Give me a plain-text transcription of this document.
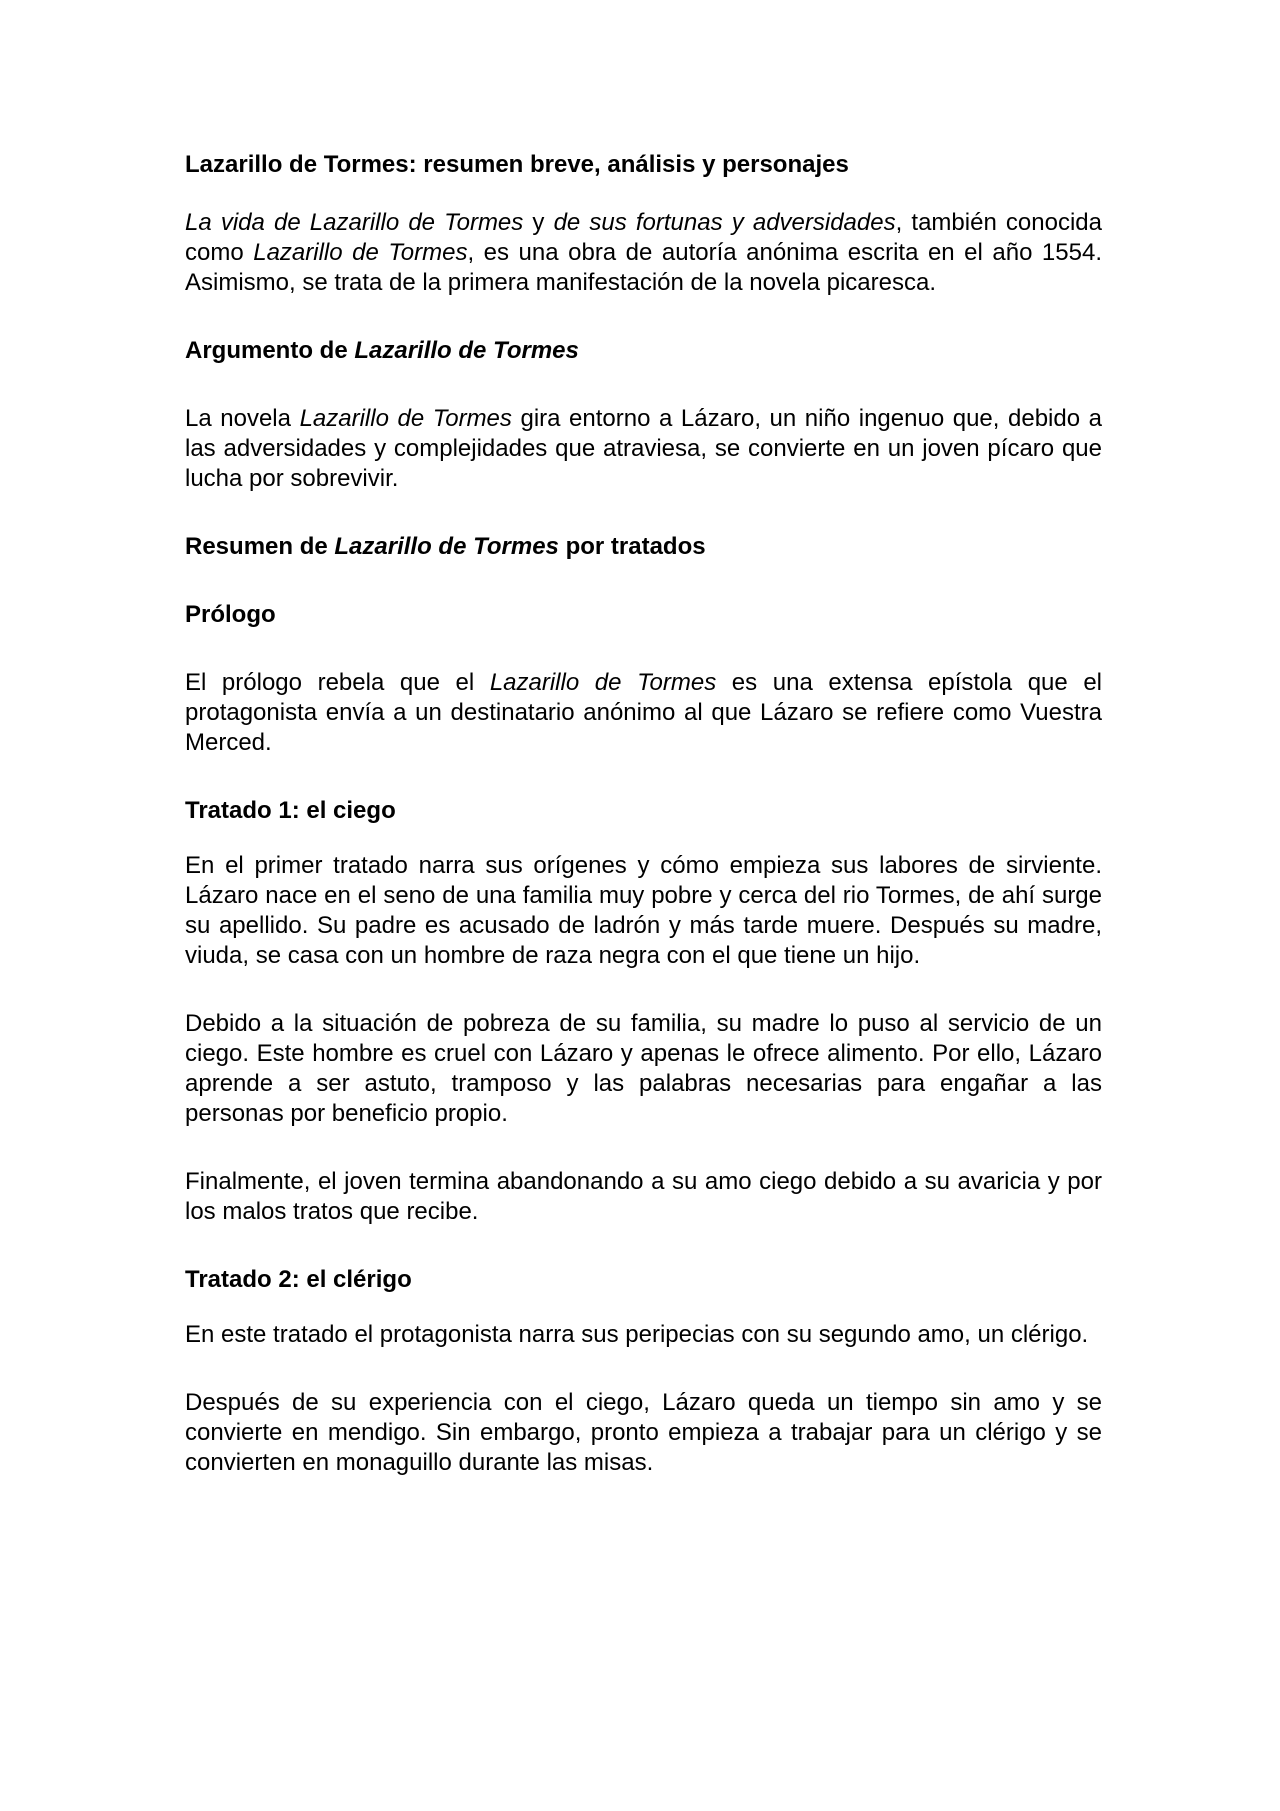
Lazarillo de Tormes: resumen breve, análisis y personajes

La vida de Lazarillo de Tormes y de sus fortunas y adversidades, también conocida como Lazarillo de Tormes, es una obra de autoría anónima escrita en el año 1554. Asimismo, se trata de la primera manifestación de la novela picaresca.

Argumento de Lazarillo de Tormes

La novela Lazarillo de Tormes gira entorno a Lázaro, un niño ingenuo que, debido a las adversidades y complejidades que atraviesa, se convierte en un joven pícaro que lucha por sobrevivir.

Resumen de Lazarillo de Tormes por tratados

Prólogo

El prólogo rebela que el Lazarillo de Tormes es una extensa epístola que el protagonista envía a un destinatario anónimo al que Lázaro se refiere como Vuestra Merced.

Tratado 1: el ciego

En el primer tratado narra sus orígenes y cómo empieza sus labores de sirviente. Lázaro nace en el seno de una familia muy pobre y cerca del rio Tormes, de ahí surge su apellido. Su padre es acusado de ladrón y más tarde muere. Después su madre, viuda, se casa con un hombre de raza negra con el que tiene un hijo.

Debido a la situación de pobreza de su familia, su madre lo puso al servicio de un ciego. Este hombre es cruel con Lázaro y apenas le ofrece alimento. Por ello, Lázaro aprende a ser astuto, tramposo y las palabras necesarias para engañar a las personas por beneficio propio.

Finalmente, el joven termina abandonando a su amo ciego debido a su avaricia y por los malos tratos que recibe.

Tratado 2: el clérigo

En este tratado el protagonista narra sus peripecias con su segundo amo, un clérigo.

Después de su experiencia con el ciego, Lázaro queda un tiempo sin amo y se convierte en mendigo. Sin embargo, pronto empieza a trabajar para un clérigo y se convierten en monaguillo durante las misas.
